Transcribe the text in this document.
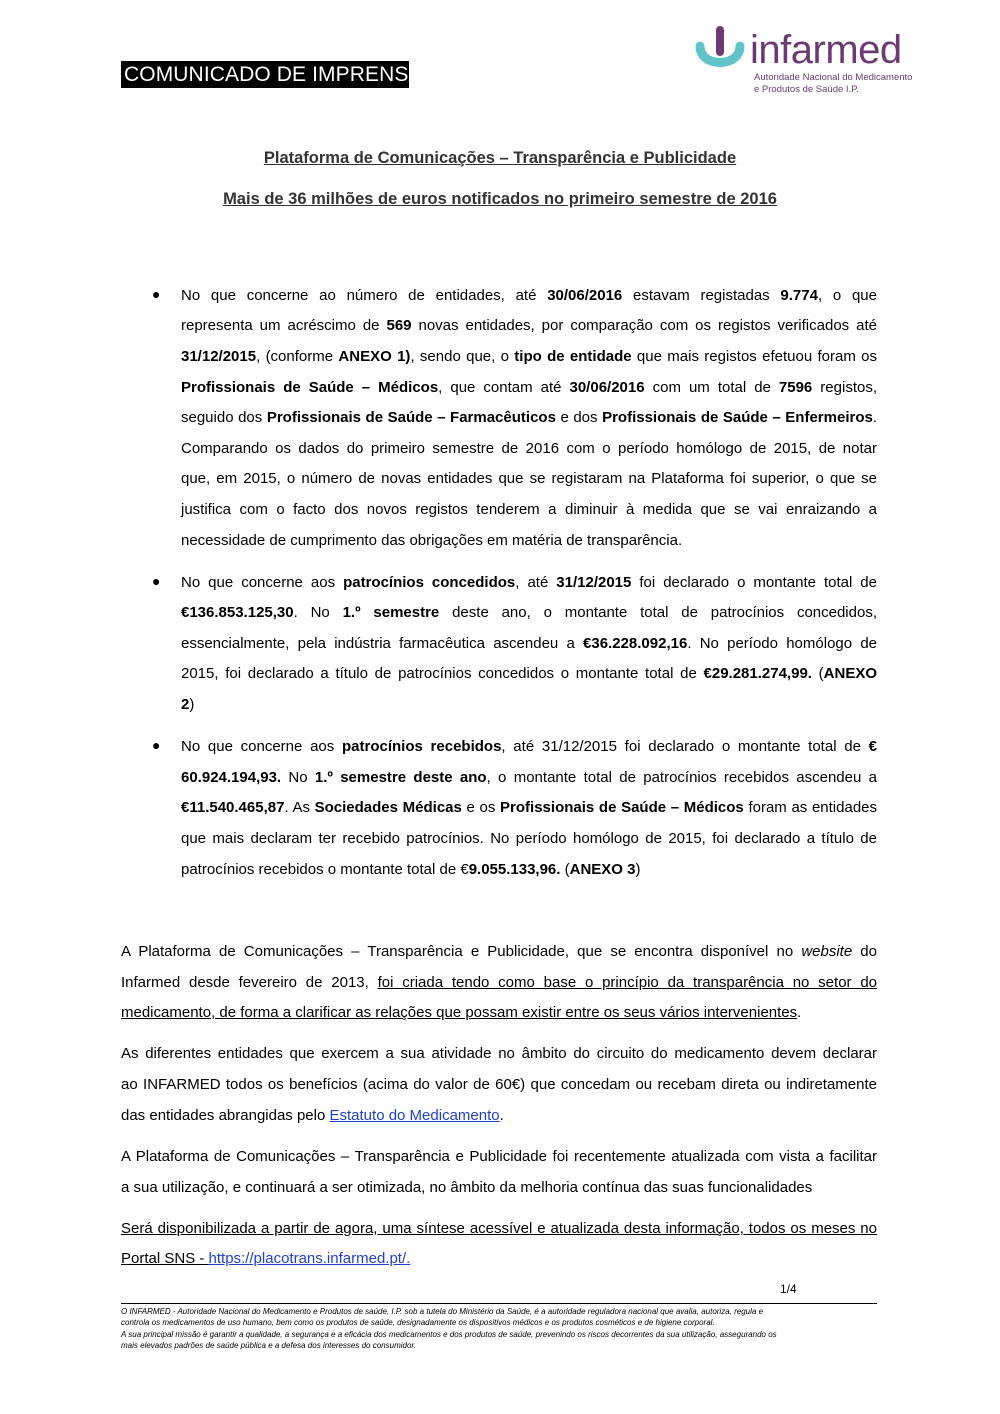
COMUNICADO DE IMPRENSA
infarmed
Autoridade Nacional do Medicamento
e Produtos de Saúde I.P.
Plataforma de Comunicações – Transparência e Publicidade
Mais de 36 milhões de euros notificados no primeiro semestre de 2016
● No que concerne ao número de entidades, até 30/06/2016 estavam registadas 9.774, o que
representa um acréscimo de 569 novas entidades, por comparação com os registos verificados até
31/12/2015, (conforme ANEXO 1), sendo que, o tipo de entidade que mais registos efetuou foram os
Profissionais de Saúde – Médicos, que contam até 30/06/2016 com um total de 7596 registos,
seguido dos Profissionais de Saúde – Farmacêuticos e dos Profissionais de Saúde – Enfermeiros.
Comparando os dados do primeiro semestre de 2016 com o período homólogo de 2015, de notar
que, em 2015, o número de novas entidades que se registaram na Plataforma foi superior, o que se
justifica com o facto dos novos registos tenderem a diminuir à medida que se vai enraizando a
necessidade de cumprimento das obrigações em matéria de transparência.
● No que concerne aos patrocínios concedidos, até 31/12/2015 foi declarado o montante total de
€136.853.125,30. No 1.º semestre deste ano, o montante total de patrocínios concedidos,
essencialmente, pela indústria farmacêutica ascendeu a €36.228.092,16. No período homólogo de
2015, foi declarado a título de patrocínios concedidos o montante total de €29.281.274,99. (ANEXO
2)
● No que concerne aos patrocínios recebidos, até 31/12/2015 foi declarado o montante total de €
60.924.194,93. No 1.º semestre deste ano, o montante total de patrocínios recebidos ascendeu a
€11.540.465,87. As Sociedades Médicas e os Profissionais de Saúde – Médicos foram as entidades
que mais declaram ter recebido patrocínios. No período homólogo de 2015, foi declarado a título de
patrocínios recebidos o montante total de €9.055.133,96. (ANEXO 3)
A Plataforma de Comunicações – Transparência e Publicidade, que se encontra disponível no website do
Infarmed desde fevereiro de 2013, foi criada tendo como base o princípio da transparência no setor do
medicamento, de forma a clarificar as relações que possam existir entre os seus vários intervenientes.
As diferentes entidades que exercem a sua atividade no âmbito do circuito do medicamento devem declarar
ao INFARMED todos os benefícios (acima do valor de 60€) que concedam ou recebam direta ou indiretamente
das entidades abrangidas pelo Estatuto do Medicamento.
A Plataforma de Comunicações – Transparência e Publicidade foi recentemente atualizada com vista a facilitar
a sua utilização, e continuará a ser otimizada, no âmbito da melhoria contínua das suas funcionalidades
Será disponibilizada a partir de agora, uma síntese acessível e atualizada desta informação, todos os meses no
Portal SNS - https://placotrans.infarmed.pt/.
1/4
O INFARMED - Autoridade Nacional do Medicamento e Produtos de saúde, I.P. sob a tutela do Ministério da Saúde, é a autoridade reguladora nacional que avalia, autoriza, regula e
controla os medicamentos de uso humano, bem como os produtos de saúde, designadamente os dispositivos médicos e os produtos cosméticos e de higiene corporal.
A sua principal missão é garantir a qualidade, a segurança e a eficácia dos medicamentos e dos produtos de saúde, prevenindo os riscos decorrentes da sua utilização, assegurando os
mais elevados padrões de saúde pública e a defesa dos interesses do consumidor.
